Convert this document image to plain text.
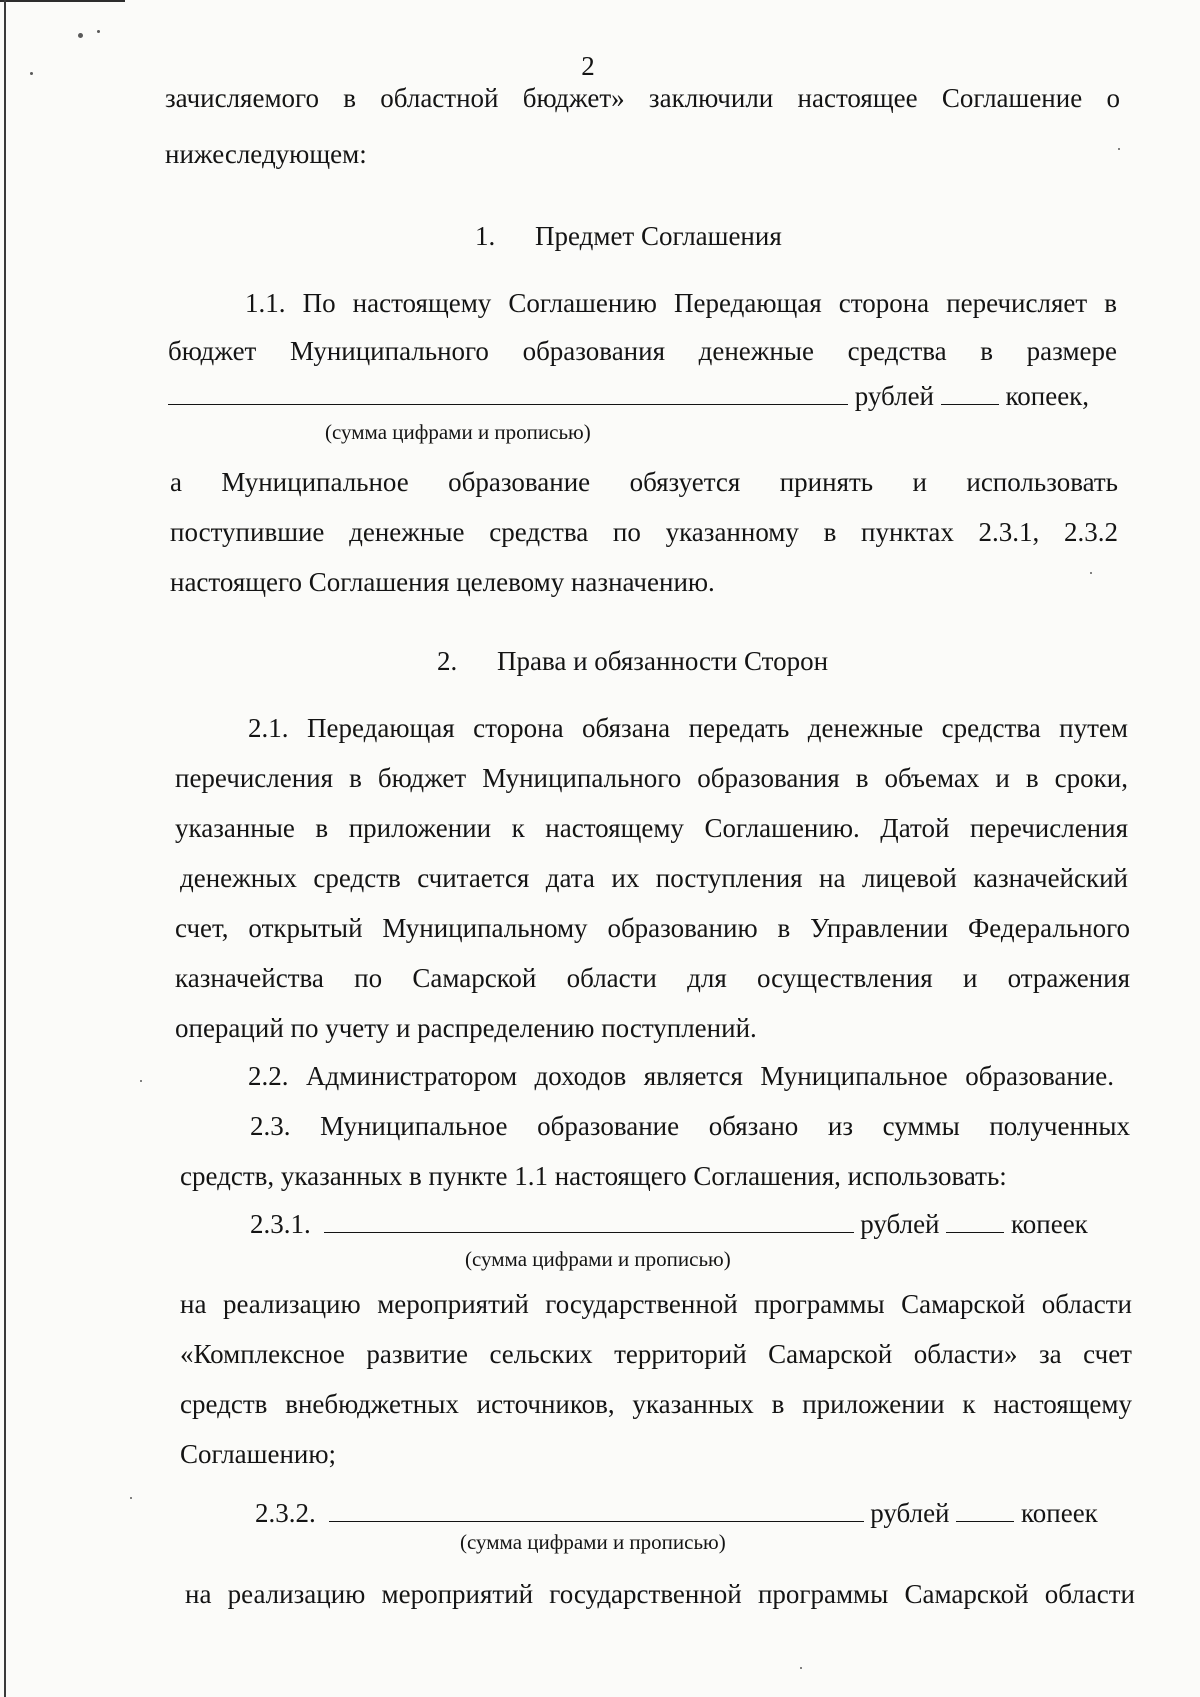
2
зачисляемого в областной бюджет» заключили настоящее Соглашение о
нижеследующем:
1. Предмет Соглашения
1.1. По настоящему Соглашению Передающая сторона перечисляет в
бюджет Муниципального образования денежные средства в размере
рублей	копеек,
(сумма цифрами и прописью)
а Муниципальное образование обязуется принять и использовать
поступившие денежные средства по указанному в пунктах 2.3.1, 2.3.2
настоящего Соглашения целевому назначению.
2. Права и обязанности Сторон
2.1. Передающая сторона обязана передать денежные средства путем
перечисления в бюджет Муниципального образования в объемах и в сроки,
указанные в приложении к настоящему Соглашению. Датой перечисления
денежных средств считается дата их поступления на лицевой казначейский
счет, открытый Муниципальному образованию в Управлении Федерального
казначейства по Самарской области для осуществления и отражения
операций по учету и распределению поступлений.
2.2. Администратором доходов является Муниципальное образование.
2.3. Муниципальное образование обязано из суммы полученных
средств, указанных в пункте 1.1 настоящего Соглашения, использовать:
2.3.1.	рублей	копеек
(сумма цифрами и прописью)
на реализацию мероприятий государственной программы Самарской области
«Комплексное развитие сельских территорий Самарской области» за счет
средств внебюджетных источников, указанных в приложении к настоящему
Соглашению;
2.3.2.	рублей	копеек
(сумма цифрами и прописью)
на реализацию мероприятий государственной программы Самарской области
